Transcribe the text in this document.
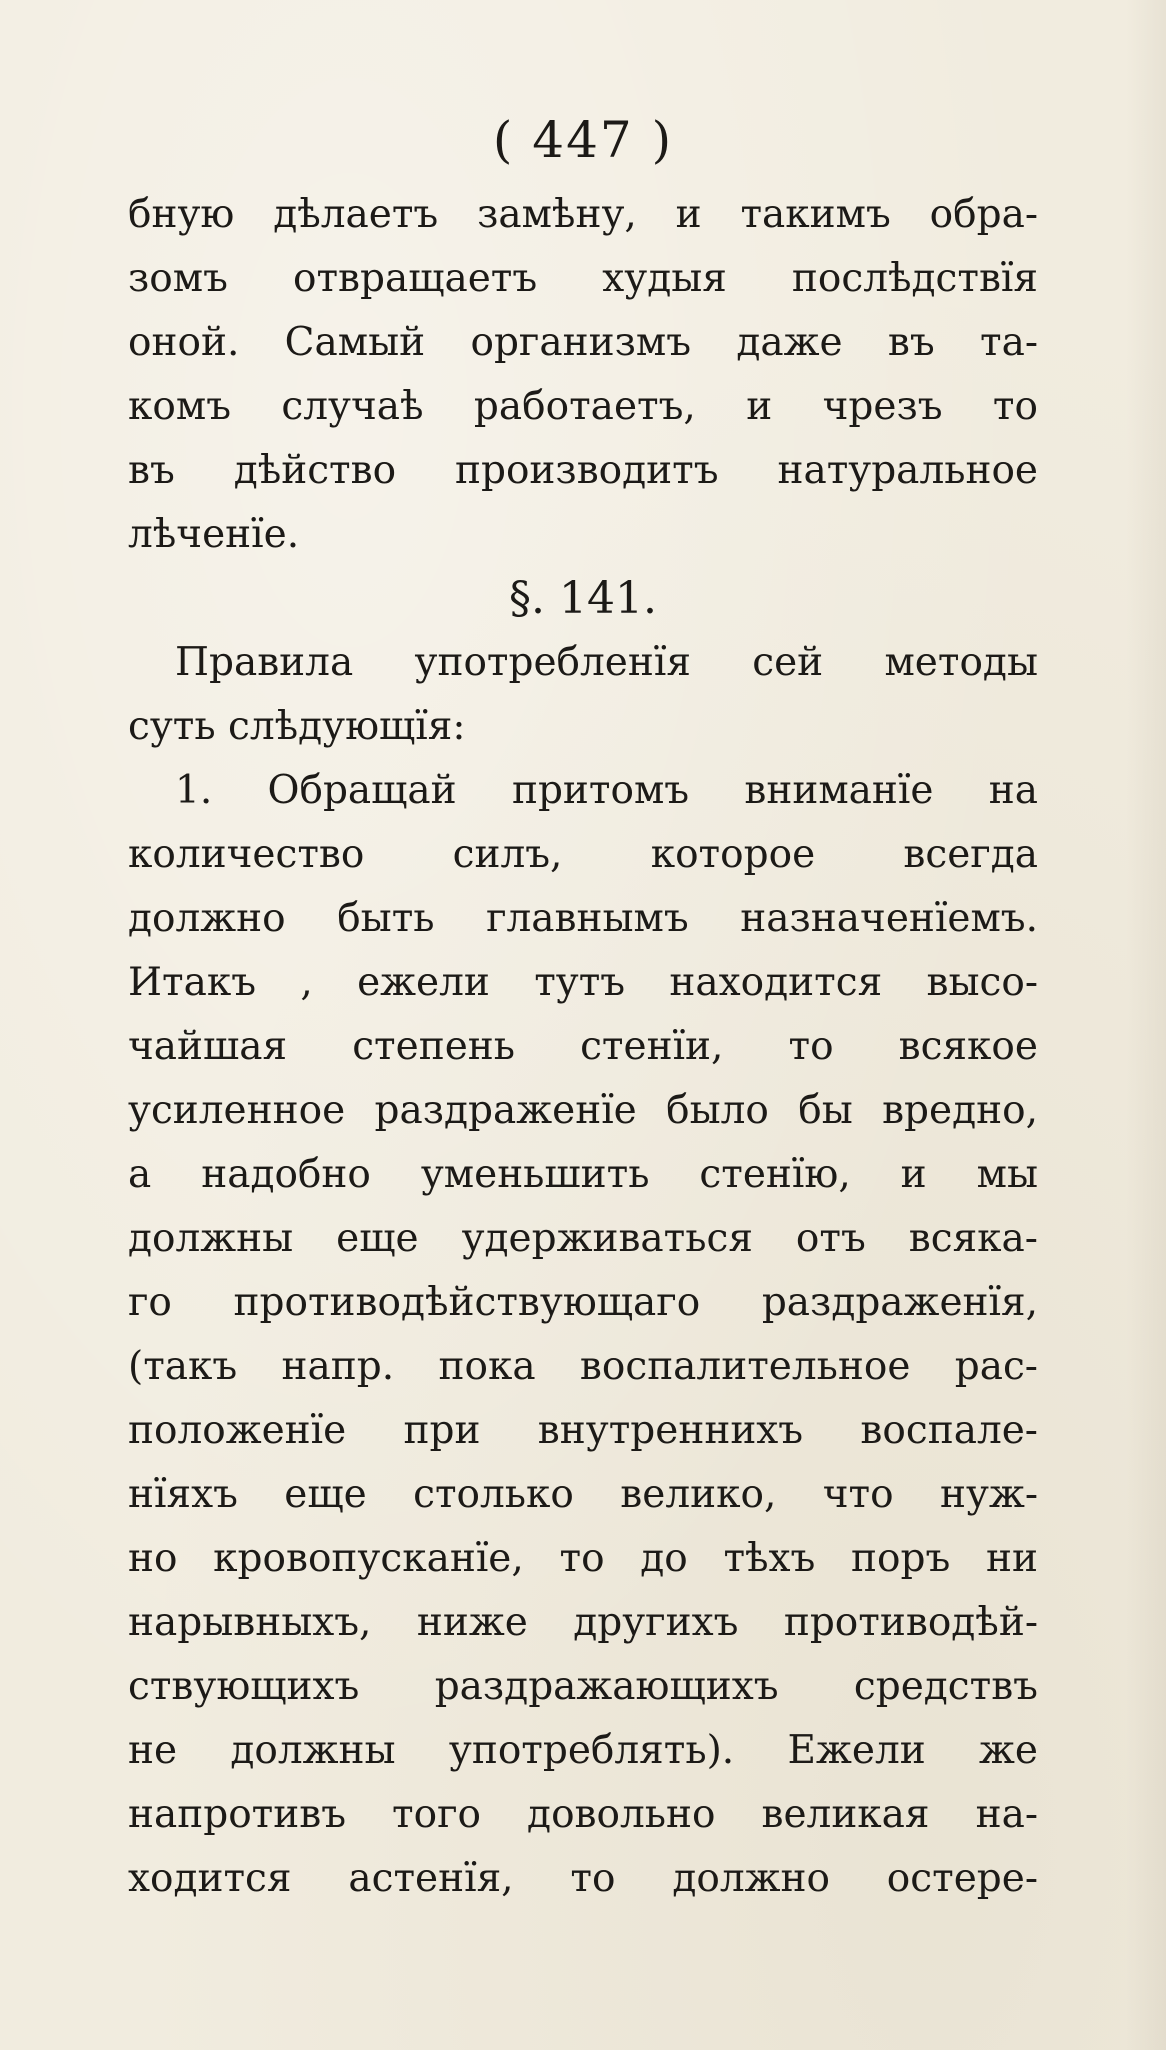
( 447 )
бную дѣлаетъ замѣну, и такимъ обра-
зомъ отвращаетъ худыя послѣдствїя
оной. Самый организмъ даже въ та-
комъ случаѣ работаетъ, и чрезъ то
въ дѣйство производитъ натуральное
лѣченїе.
Правила употребленїя сей методы
суть слѣдующїя:
1. Обращай притомъ вниманїе на
количество силъ, которое всегда
должно быть главнымъ назначенїемъ.
Итакъ , ежели тутъ находится высо-
чайшая степень стенїи, то всякое
усиленное раздраженїе было бы вредно,
а надобно уменьшить стенїю, и мы
должны еще удерживаться отъ всяка-
го противодѣйствующаго раздраженїя,
(такъ напр. пока воспалительное рас-
положенїе при внутреннихъ воспале-
нїяхъ еще столько велико, что нуж-
но кровопусканїе, то до тѣхъ поръ ни
нарывныхъ, ниже другихъ противодѣй-
ствующихъ раздражающихъ средствъ
не должны употреблять). Ежели же
напротивъ того довольно великая на-
ходится астенїя, то должно остере-
§. 141.
